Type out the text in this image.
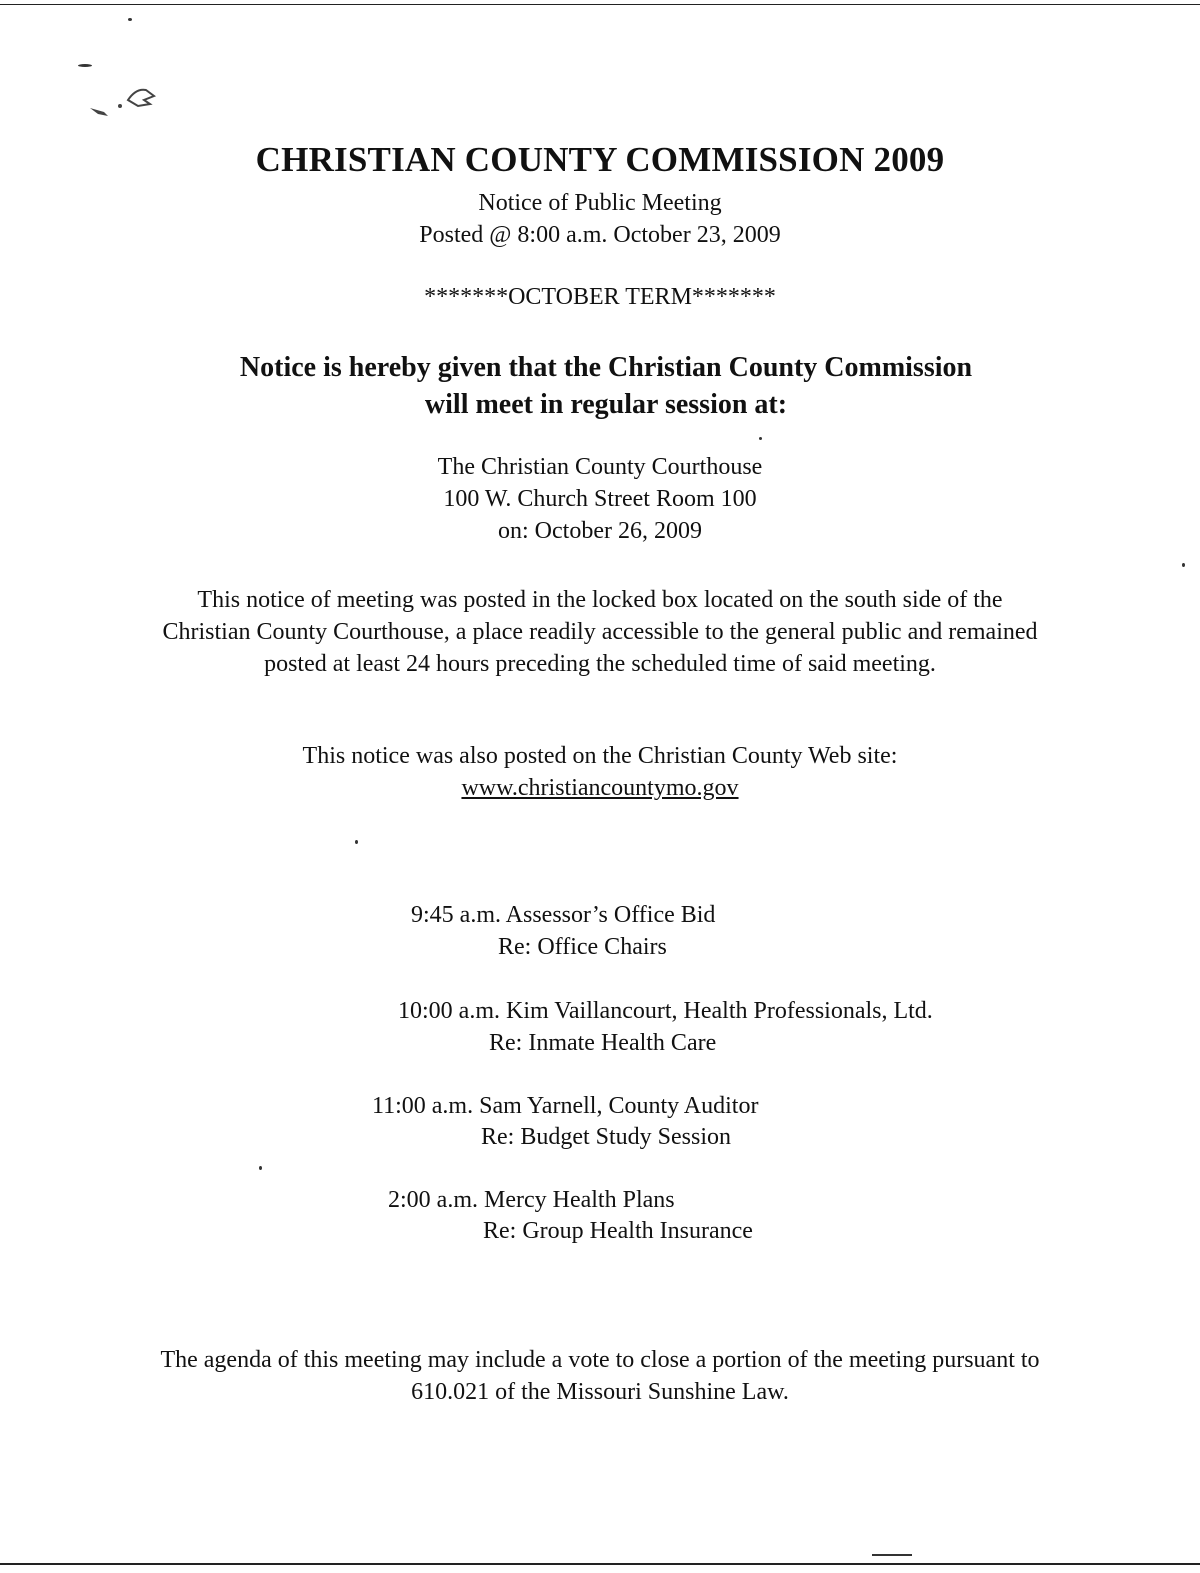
CHRISTIAN COUNTY COMMISSION 2009
Notice of Public Meeting
Posted @ 8:00 a.m. October 23, 2009
*******OCTOBER TERM*******
Notice is hereby given that the Christian County Commission
will meet in regular session at:
The Christian County Courthouse
100 W. Church Street Room 100
on: October 26, 2009
This notice of meeting was posted in the locked box located on the south side of the Christian County Courthouse, a place readily accessible to the general public and remained posted at least 24 hours preceding the scheduled time of said meeting.
This notice was also posted on the Christian County Web site:
www.christiancountymo.gov
9:45 a.m. Assessor’s Office Bid
Re: Office Chairs
10:00 a.m. Kim Vaillancourt, Health Professionals, Ltd.
Re: Inmate Health Care
11:00 a.m. Sam Yarnell, County Auditor
Re: Budget Study Session
2:00 a.m. Mercy Health Plans
Re: Group Health Insurance
The agenda of this meeting may include a vote to close a portion of the meeting pursuant to 610.021 of the Missouri Sunshine Law.
